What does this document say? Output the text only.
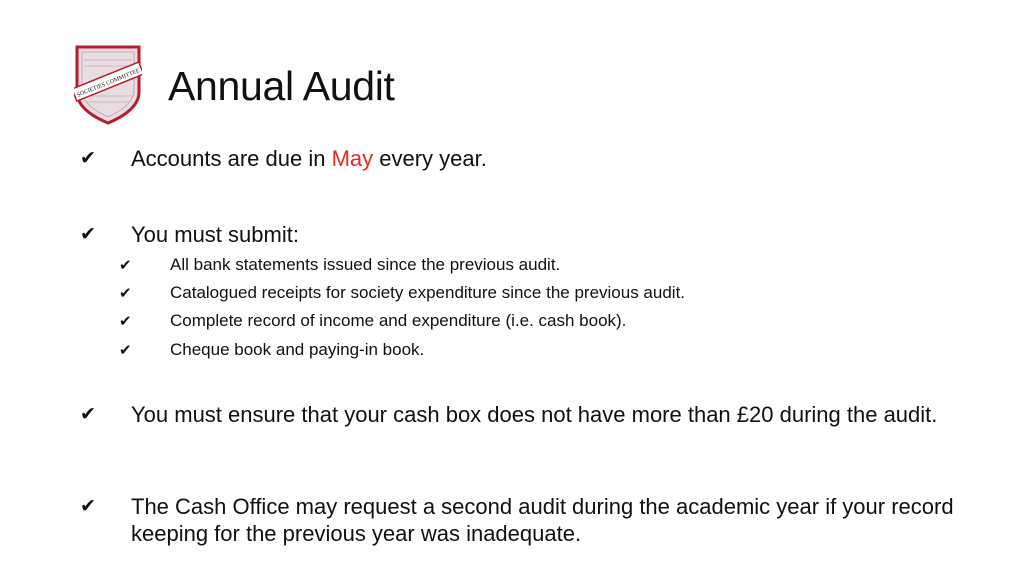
SOCIETIES COMMITTEE Annual Audit
✔ Accounts are due in May every year.
✔ You must submit:
✔ All bank statements issued since the previous audit.
✔ Catalogued receipts for society expenditure since the previous audit.
✔ Complete record of income and expenditure (i.e. cash book).
✔ Cheque book and paying-in book.
✔ You must ensure that your cash box does not have more than £20 during the audit.
✔ The Cash Office may request a second audit during the academic year if your record keeping for the previous year was inadequate.
